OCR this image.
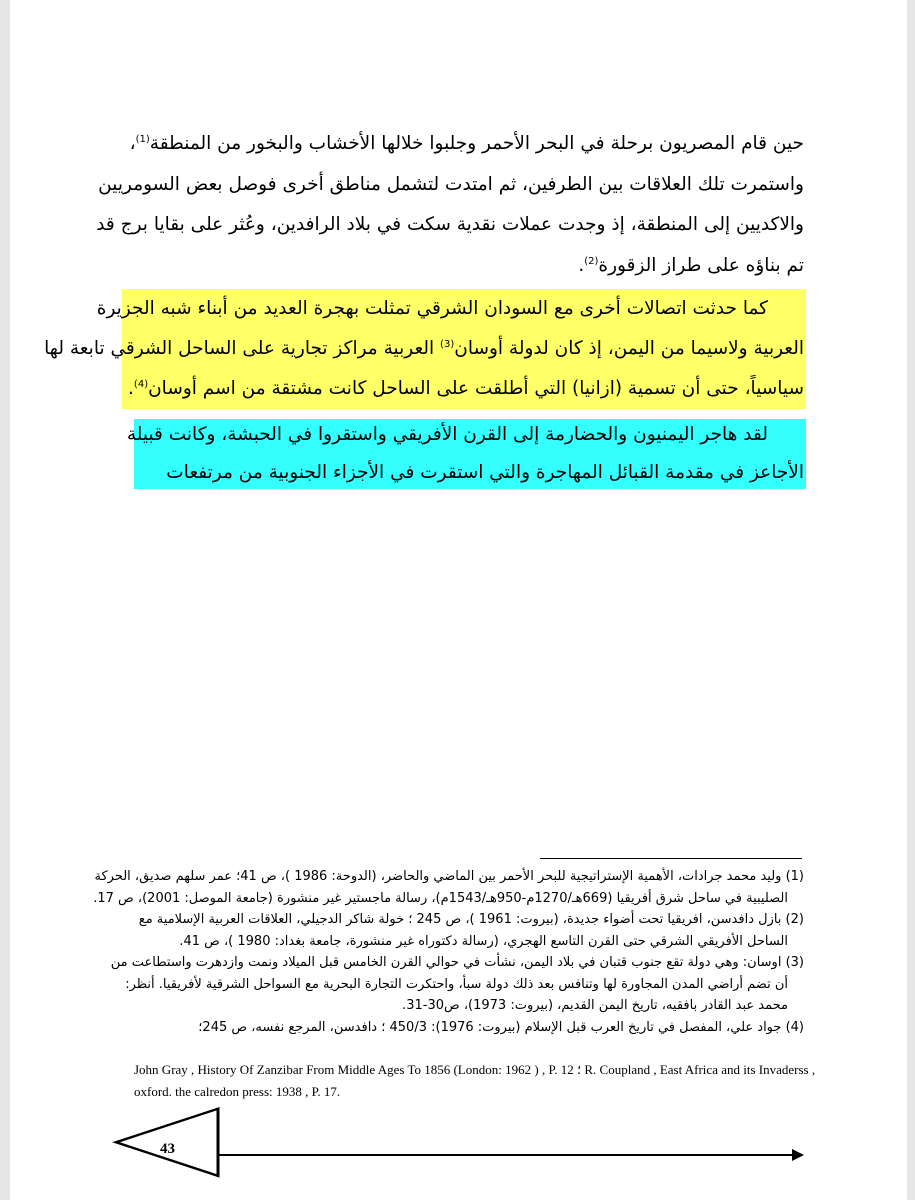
حين قام المصريون برحلة في البحر الأحمر وجلبوا خلالها الأخشاب والبخور من المنطقة$^{(1)}$،
واستمرت تلك العلاقات بين الطرفين، ثم امتدت لتشمل مناطق أخرى فوصل بعض السومريين
والاكديين إلى المنطقة، إذ وجدت عملات نقدية سكت في بلاد الرافدين، وعُثر على بقايا برج قد
تم بناؤه على طراز الزقورة$^{(2)}$.
كما حدثت اتصالات أخرى مع السودان الشرقي تمثلت بهجرة العديد من أبناء شبه الجزيرة
العربية ولاسيما من اليمن، إذ كان لدولة أوسان$^{(3)}$ العربية مراكز تجارية على الساحل الشرقي تابعة لها
سياسياً، حتى أن تسمية (ازانيا) التي أطلقت على الساحل كانت مشتقة من اسم أوسان$^{(4)}$.
لقد هاجر اليمنيون والحضارمة إلى القرن الأفريقي واستقروا في الحبشة، وكانت قبيلة
الأجاعز في مقدمة القبائل المهاجرة والتي استقرت في الأجزاء الجنوبية من مرتفعات

(1) وليد محمد جرادات، الأهمية الإستراتيجية للبحر الأحمر بين الماضي والحاضر، (الدوحة: 1986 )، ص 41؛ عمر سلهم صديق، الحركة
الصليبية في ساحل شرق أفريقيا (669هـ/1270م-950هـ/1543م)، رسالة ماجستير غير منشورة (جامعة الموصل: 2001)، ص 17.

(2) بازل دافدسن، افريقيا تحت أضواء جديدة، (بيروت: 1961 )، ص 245 ؛ خولة شاكر الدجيلي، العلاقات العربية الإسلامية مع
الساحل الأفريقي الشرقي حتى القرن التاسع الهجري، (رسالة دكتوراه غير منشورة، جامعة بغداد: 1980 )، ص 41.

(3) اوسان: وهي دولة تقع جنوب قتبان في بلاد اليمن، نشأت في حوالي القرن الخامس قبل الميلاد ونمت وازدهرت واستطاعت من
أن تضم أراضي المدن المجاورة لها وتنافس بعد ذلك دولة سبأ، واحتكرت التجارة البحرية مع السواحل الشرقية لأفريقيا. أنظر:
محمد عبد القادر بافقيه، تاريخ اليمن القديم، (بيروت: 1973)، ص30-31.

(4) جواد علي، المفصل في تاريخ العرب قبل الإسلام (بيروت: 1976): 450/3 ؛ دافدسن، المرجع نفسه، ص 245؛

John Gray , History Of Zanzibar From Middle Ages To 1856 (London: 1962 ) , P. 12 ؛ R. Coupland , East Africa and its Invaderss ,
oxford. the calredon press: 1938 , P. 17.
43
